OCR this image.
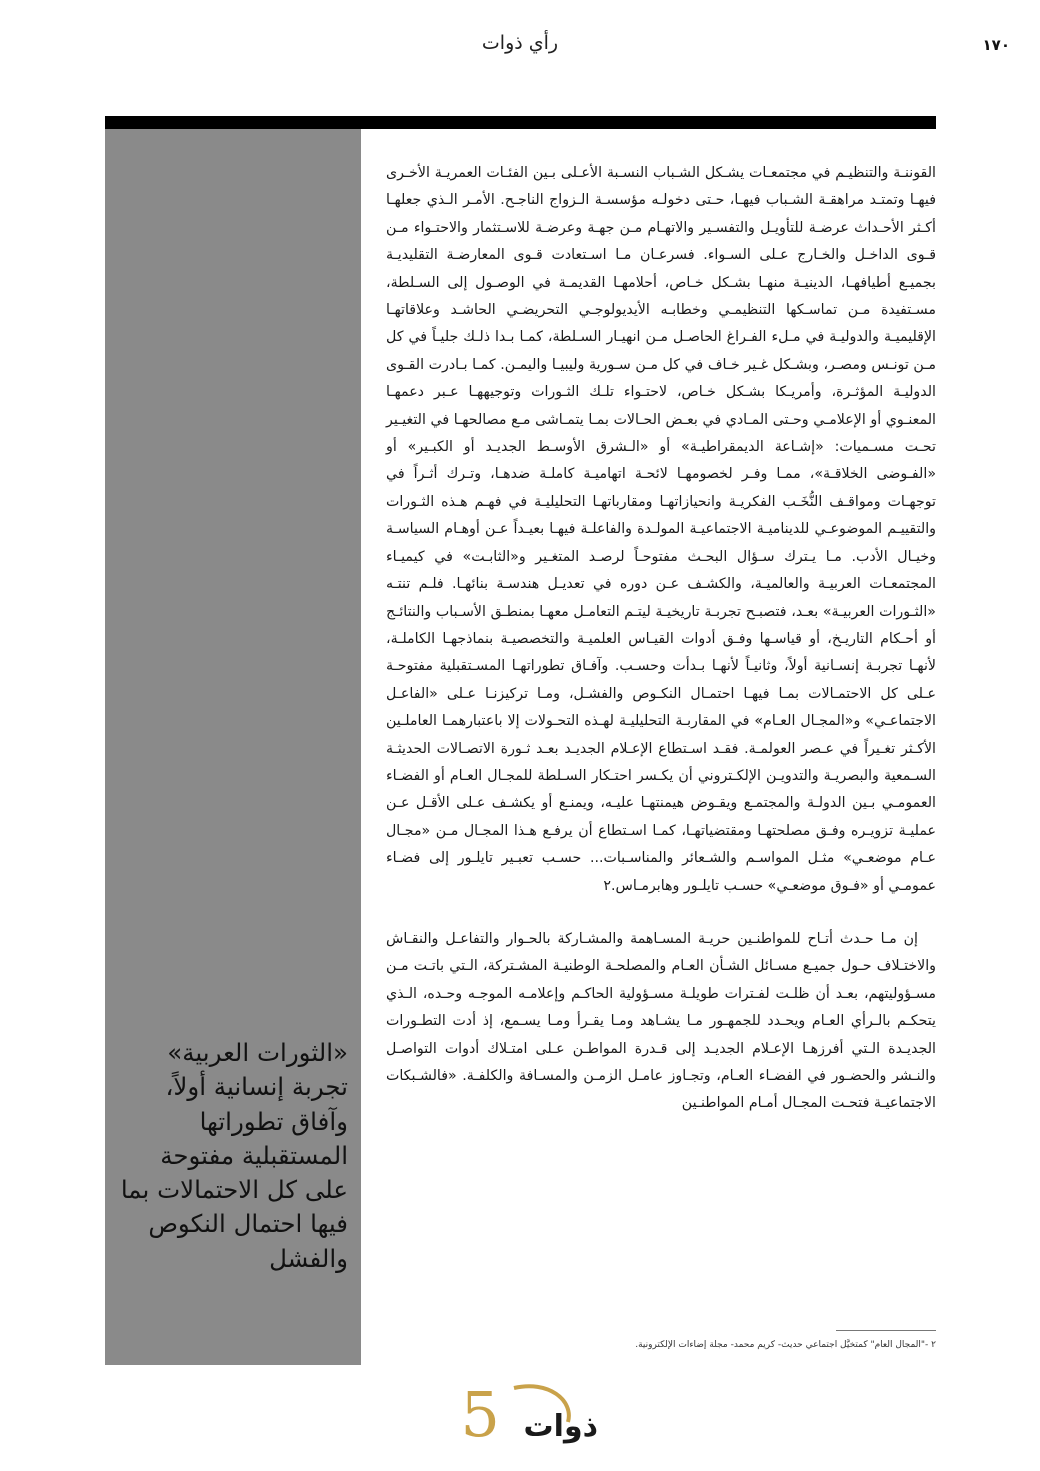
١٧٠
رأي ذوات

«الثورات العربية» تجربة إنسانية أولاً، وآفاق تطوراتها المستقبلية مفتوحة على كل الاحتمالات بما فيها احتمال النكوص والفشل

القوننـة والتنظيـم في مجتمعـات يشـكل الشـباب النسـبة الأعـلى بـين الفئـات العمريـة الأخـرى فيهـا وتمتـد مراهقـة الشـباب فيهـا، حـتى دخولـه مؤسسـة الـزواج الناجـح. الأمـر الـذي جعلهـا أكـثر الأحـداث عرضـة للتأويـل والتفسـير والاتهـام مـن جهـة وعرضـة للاسـتثمار والاحتـواء مـن قـوى الداخـل والخـارج عـلى السـواء. فسرعـان مـا اسـتعادت قـوى المعارضـة التقليديـة بجميـع أطيافهـا، الدينيـة منهـا بشـكل خـاص، أحلامهـا القديمـة في الوصـول إلى السـلطة، مسـتفيدة مـن تماسـكها التنظيمـي وخطابـه الأيديولوجـي التحريضـي الحاشـد وعلاقاتهـا الإقليميـة والدوليـة في مـلء الفـراغ الحاصـل مـن انهيـار السـلطة، كمـا بـدا ذلـك جليـاً في كل مـن تونـس ومصـر، وبشـكل غـير خـاف في كل مـن سـورية وليبيـا واليمـن. كمـا بـادرت القـوى الدوليـة المؤثـرة، وأمريـكا بشـكل خـاص، لاحتـواء تلـك الثـورات وتوجيههـا عـبر دعمهـا المعنـوي أو الإعلامـي وحـتى المـادي في بعـض الحـالات بمـا يتمـاشى مـع مصالحهـا في التغيـير تحـت مسـميات: «إشـاعة الديمقراطيـة» أو «الـشرق الأوسـط الجديـد أو الكبـير» أو «الفـوضى الخلاقـة»، ممـا وفـر لخصومهـا لائحـة اتهاميـة كاملـة ضدهـا، وتـرك أثـراً في توجهـات ومواقـف النُّخَـب الفكريـة وانحيازاتهـا ومقارباتهـا التحليليـة في فهـم هـذه الثـورات والتقييـم الموضوعـي للديناميـة الاجتماعيـة المولـدة والفاعلـة فيهـا بعيـداً عـن أوهـام السياسـة وخيـال الأدب. مـا يـترك سـؤال البحـث مفتوحـاً لرصـد المتغـير و«الثابـت» في كيميـاء المجتمعـات العربيـة والعالميـة، والكشـف عـن دوره في تعديـل هندسـة بنائهـا. فلـم تنتـه «الثـورات العربيـة» بعـد، فتصبـح تجربـة تاريخيـة ليتـم التعامـل معهـا بمنطـق الأسـباب والنتائـج أو أحـكام التاريـخ، أو قياسـها وفـق أدوات القيـاس العلميـة والتخصصيـة بنماذجهـا الكاملـة، لأنهـا تجربـة إنسـانية أولاً، وثانيـاً لأنهـا بـدأت وحسـب. وآفـاق تطوراتهـا المسـتقبلية مفتوحـة عـلى كل الاحتمـالات بمـا فيهـا احتمـال النكـوص والفشـل، ومـا تركيزنـا عـلى «الفاعـل الاجتماعـي» و«المجـال العـام» في المقاربـة التحليليـة لهـذه التحـولات إلا باعتبارهمـا العاملـين الأكـثر تغـيراً في عـصر العولمـة. فقـد اسـتطاع الإعـلام الجديـد بعـد ثـورة الاتصـالات الحديثـة السـمعية والبصريـة والتدويـن الإلكـتروني أن يكـسر احتـكار السـلطة للمجـال العـام أو الفضـاء العمومـي بـين الدولـة والمجتمـع ويقـوض هيمنتهـا عليـه، ويمنـع أو يكشـف عـلى الأقـل عـن عمليـة تزويـره وفـق مصلحتهـا ومقتضياتهـا، كمـا اسـتطاع أن يرفـع هـذا المجـال مـن «مجـال عـام موضعـي» مثـل المواسـم والشـعائر والمناسـبات... حسـب تعبـير تايلـور إلى فضـاء عمومـي أو «فـوق موضعـي» حسـب تايلـور وهابرمـاس.٢

إن مـا حـدث أتـاح للمواطنـين حريـة المسـاهمة والمشـاركة بالحـوار والتفاعـل والنقـاش والاختـلاف حـول جميـع مسـائل الشـأن العـام والمصلحـة الوطنيـة المشـتركة، الـتي باتـت مـن مسـؤوليتهم، بعـد أن ظلـت لفـترات طويلـة مسـؤولية الحاكـم وإعلامـه الموجـه وحـده، الـذي يتحكـم بالـرأي العـام ويحـدد للجمهـور مـا يشـاهد ومـا يقـرأ ومـا يسـمع، إذ أدت التطـورات الجديـدة الـتي أفرزهـا الإعـلام الجديـد إلى قـدرة المواطـن عـلى امتـلاك أدوات التواصـل والنـشر والحضـور في الفضـاء العـام، وتجـاوز عامـل الزمـن والمسـافة والكلفـة. «فالشـبكات الاجتماعيـة فتحـت المجـال أمـام المواطنـين

٢ -"المجال العام" كمتخيَّل اجتماعي حديث- كريم محمد- مجلة إضاءات الإلكترونية.

5 ذوات
